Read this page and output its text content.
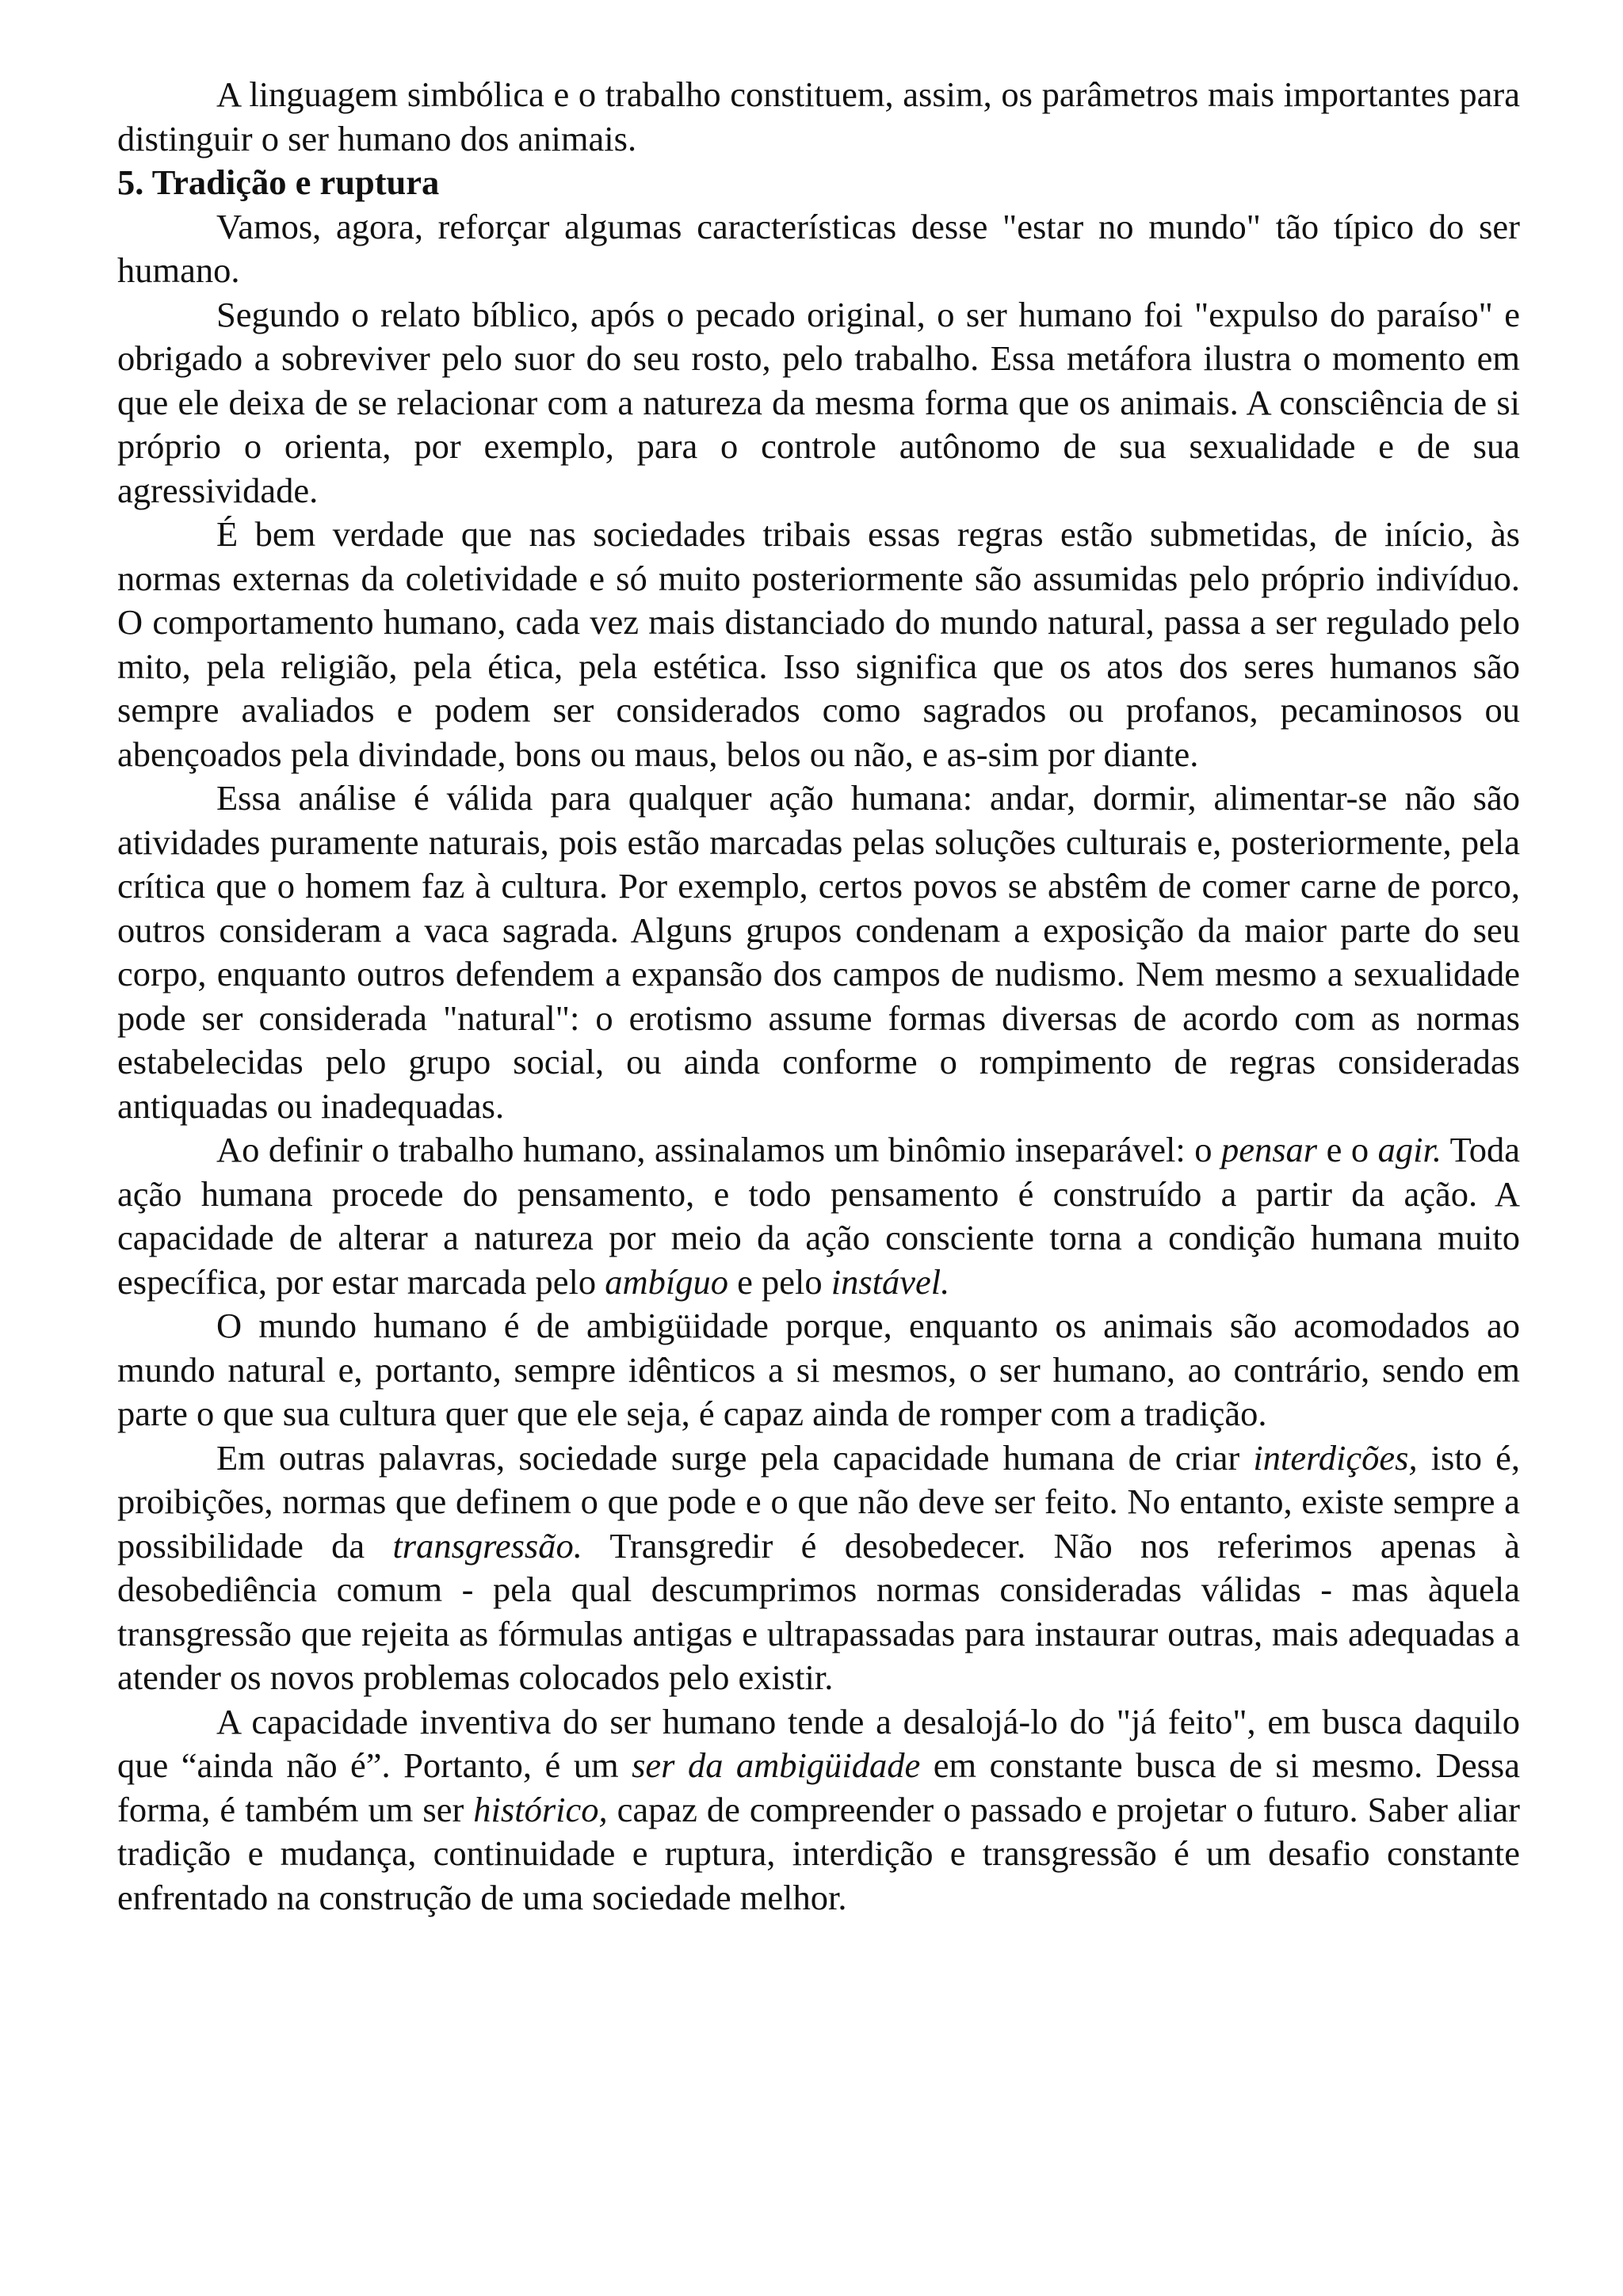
A linguagem simbólica e o trabalho constituem, assim, os parâmetros mais importantes para distinguir o ser humano dos animais.

5. Tradição e ruptura

Vamos, agora, reforçar algumas características desse "estar no mundo" tão típico do ser humano.

Segundo o relato bíblico, após o pecado original, o ser humano foi "expulso do paraíso" e obrigado a sobreviver pelo suor do seu rosto, pelo trabalho. Essa metáfora ilustra o momento em que ele deixa de se relacionar com a natureza da mesma forma que os animais. A consciência de si próprio o orienta, por exemplo, para o controle autônomo de sua sexualidade e de sua agressividade.

É bem verdade que nas sociedades tribais essas regras estão submetidas, de início, às normas externas da coletividade e só muito posteriormente são assumidas pelo próprio indivíduo. O comportamento humano, cada vez mais distanciado do mundo natural, passa a ser regulado pelo mito, pela religião, pela ética, pela estética. Isso significa que os atos dos seres humanos são sempre avaliados e podem ser considerados como sagrados ou profanos, pecaminosos ou abençoados pela divindade, bons ou maus, belos ou não, e as-sim por diante.

Essa análise é válida para qualquer ação humana: andar, dormir, alimentar-se não são atividades puramente naturais, pois estão marcadas pelas soluções culturais e, posteriormente, pela crítica que o homem faz à cultura. Por exemplo, certos povos se abstêm de comer carne de porco, outros consideram a vaca sagrada. Alguns grupos condenam a exposição da maior parte do seu corpo, enquanto outros defendem a expansão dos campos de nudismo. Nem mesmo a sexualidade pode ser considerada "natural": o erotismo assume formas diversas de acordo com as normas estabelecidas pelo grupo social, ou ainda conforme o rompimento de regras consideradas antiquadas ou inadequadas.

Ao definir o trabalho humano, assinalamos um binômio inseparável: o pensar e o agir. Toda ação humana procede do pensamento, e todo pensamento é construído a partir da ação. A capacidade de alterar a natureza por meio da ação consciente torna a condição humana muito específica, por estar marcada pelo ambíguo e pelo instável.

O mundo humano é de ambigüidade porque, enquanto os animais são acomodados ao mundo natural e, portanto, sempre idênticos a si mesmos, o ser humano, ao contrário, sendo em parte o que sua cultura quer que ele seja, é capaz ainda de romper com a tradição.

Em outras palavras, sociedade surge pela capacidade humana de criar interdições, isto é, proibições, normas que definem o que pode e o que não deve ser feito. No entanto, existe sempre a possibilidade da transgressão. Transgredir é desobedecer. Não nos referimos apenas à desobediência comum - pela qual descumprimos normas consideradas válidas - mas àquela transgressão que rejeita as fórmulas antigas e ultrapassadas para instaurar outras, mais adequadas a atender os novos problemas colocados pelo existir.

A capacidade inventiva do ser humano tende a desalojá-lo do "já feito", em busca daquilo que “ainda não é”. Portanto, é um ser da ambigüidade em constante busca de si mesmo. Dessa forma, é também um ser histórico, capaz de compreender o passado e projetar o futuro. Saber aliar tradição e mudança, continuidade e ruptura, interdição e transgressão é um desafio constante enfrentado na construção de uma sociedade melhor.
